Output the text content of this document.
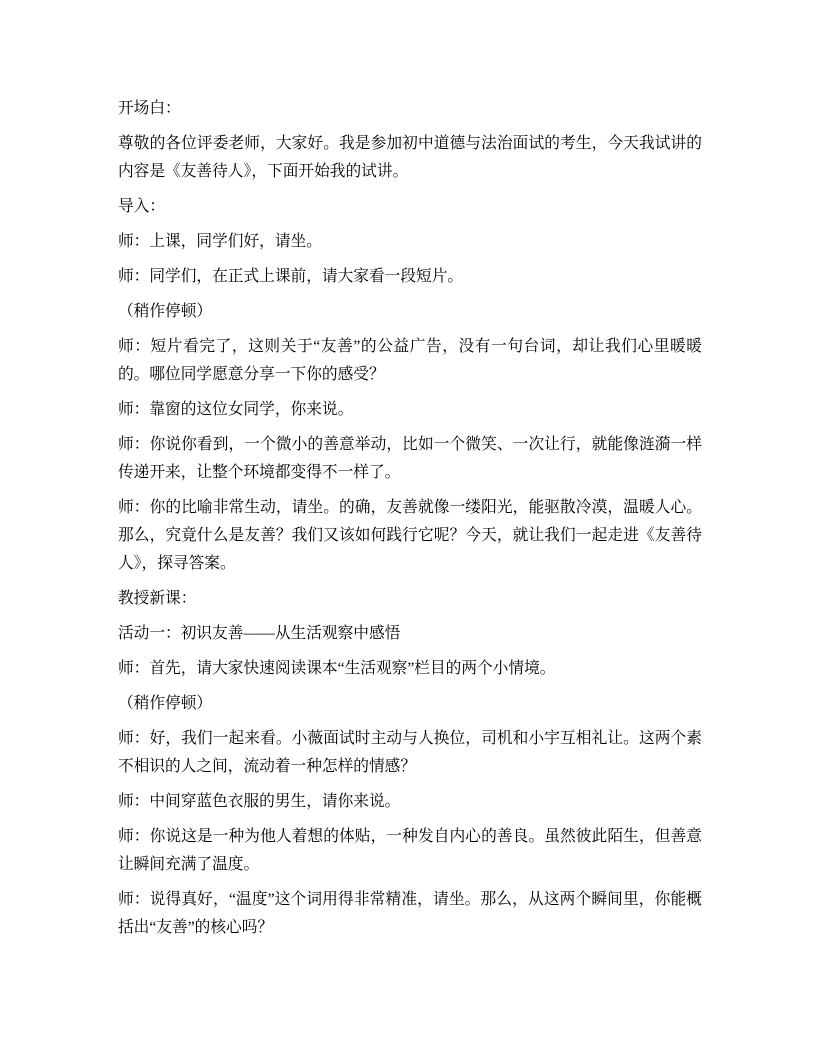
开场白：

尊敬的各位评委老师，大家好。我是参加初中道德与法治面试的考生，今天我试讲的内容是《友善待人》，下面开始我的试讲。

导入：

师：上课，同学们好，请坐。

师：同学们，在正式上课前，请大家看一段短片。

（稍作停顿）

师：短片看完了，这则关于“友善”的公益广告，没有一句台词，却让我们心里暖暖的。哪位同学愿意分享一下你的感受？

师：靠窗的这位女同学，你来说。

师：你说你看到，一个微小的善意举动，比如一个微笑、一次让行，就能像涟漪一样传递开来，让整个环境都变得不一样了。

师：你的比喻非常生动，请坐。的确，友善就像一缕阳光，能驱散冷漠，温暖人心。那么，究竟什么是友善？我们又该如何践行它呢？今天，就让我们一起走进《友善待人》，探寻答案。

教授新课：

活动一：初识友善——从生活观察中感悟

师：首先，请大家快速阅读课本“生活观察”栏目的两个小情境。

（稍作停顿）

师：好，我们一起来看。小薇面试时主动与人换位，司机和小宇互相礼让。这两个素不相识的人之间，流动着一种怎样的情感？

师：中间穿蓝色衣服的男生，请你来说。

师：你说这是一种为他人着想的体贴，一种发自内心的善良。虽然彼此陌生，但善意让瞬间充满了温度。

师：说得真好，“温度”这个词用得非常精准，请坐。那么，从这两个瞬间里，你能概括出“友善”的核心吗？
